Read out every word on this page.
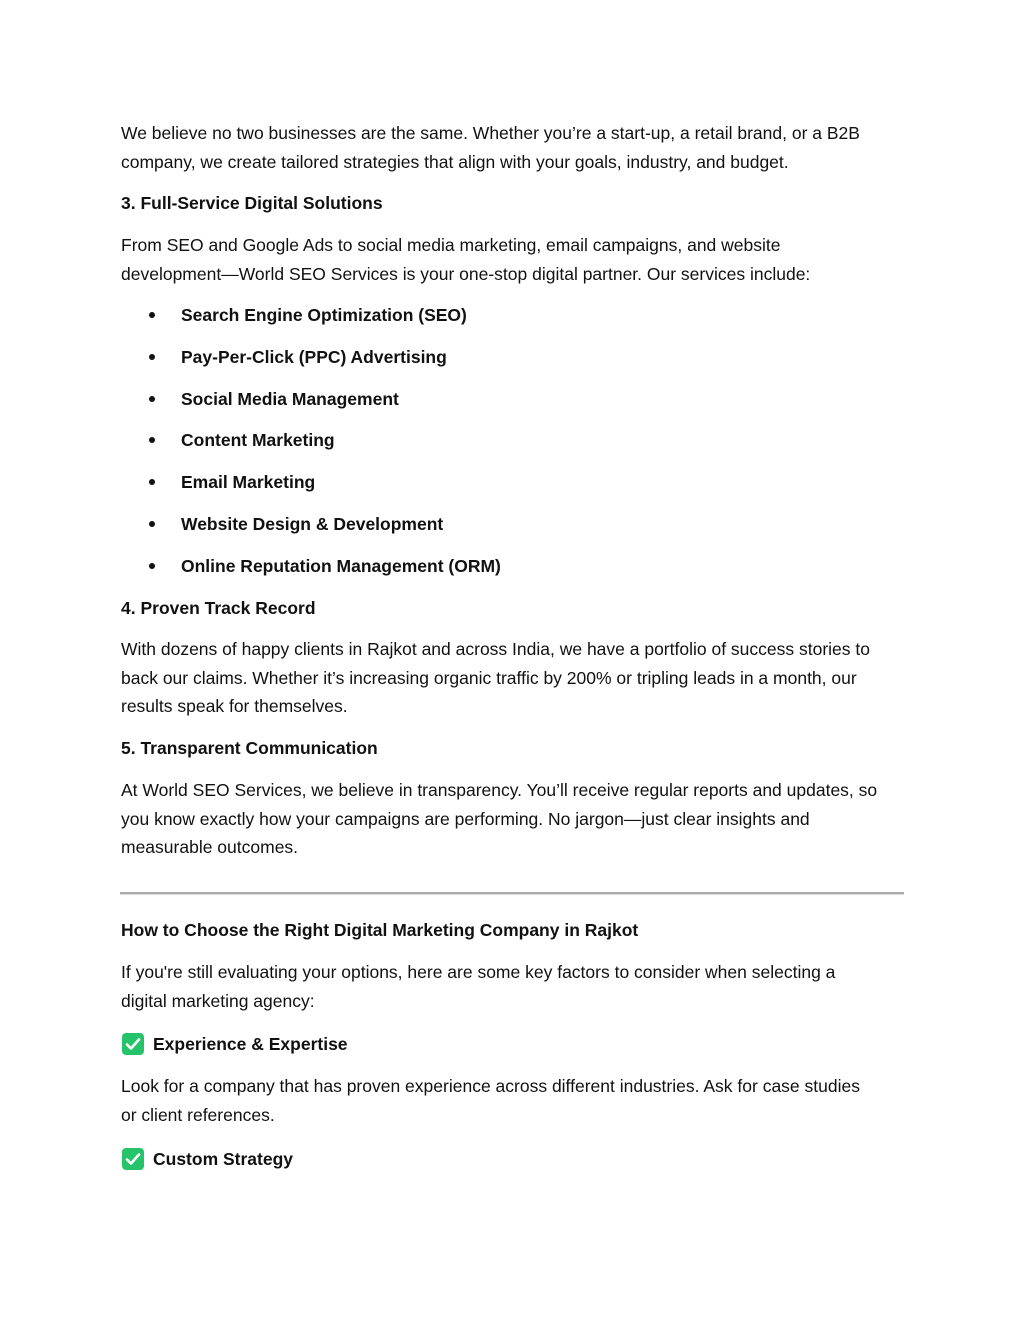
We believe no two businesses are the same. Whether you’re a start-up, a retail brand, or a B2B

company, we create tailored strategies that align with your goals, industry, and budget.

3. Full-Service Digital Solutions

From SEO and Google Ads to social media marketing, email campaigns, and website

development—World SEO Services is your one-stop digital partner. Our services include:

Search Engine Optimization (SEO)
Pay-Per-Click (PPC) Advertising
Social Media Management
Content Marketing
Email Marketing
Website Design & Development
Online Reputation Management (ORM)
4. Proven Track Record

With dozens of happy clients in Rajkot and across India, we have a portfolio of success stories to

back our claims. Whether it’s increasing organic traffic by 200% or tripling leads in a month, our

results speak for themselves.

5. Transparent Communication

At World SEO Services, we believe in transparency. You’ll receive regular reports and updates, so

you know exactly how your campaigns are performing. No jargon—just clear insights and

measurable outcomes.

How to Choose the Right Digital Marketing Company in Rajkot

If you're still evaluating your options, here are some key factors to consider when selecting a

digital marketing agency:

Experience & Expertise

Look for a company that has proven experience across different industries. Ask for case studies

or client references.

Custom Strategy
